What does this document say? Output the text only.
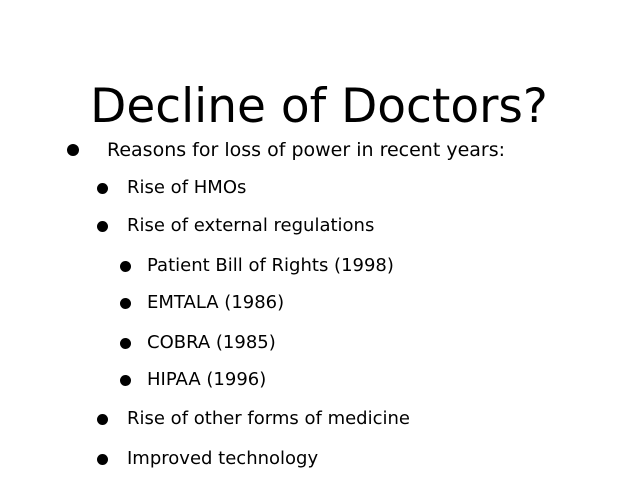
Decline of Doctors?
Reasons for loss of power in recent years:
Rise of HMOs
Rise of external regulations
Patient Bill of Rights (1998)
EMTALA (1986)
COBRA (1985)
HIPAA (1996)
Rise of other forms of medicine
Improved technology
